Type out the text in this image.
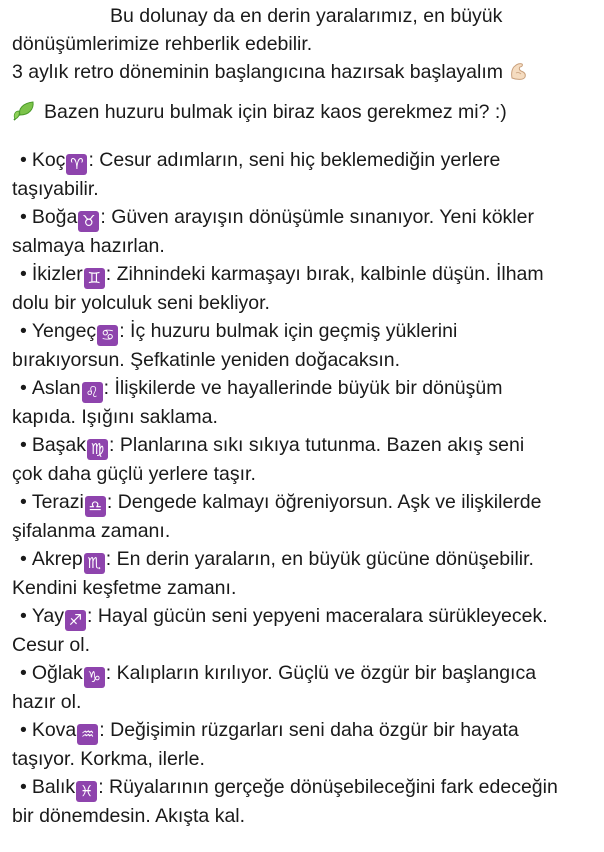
Bu dolunay da en derin yaralarımız, en büyük
dönüşümlerimize rehberlik edebilir.
3 aylık retro döneminin başlangıcına hazırsak başlayalım
Bazen huzuru bulmak için biraz kaos gerekmez mi? :)
• Koç ♈ : Cesur adımların, seni hiç beklemediğin yerlere
taşıyabilir.
• Boğa ♉ : Güven arayışın dönüşümle sınanıyor. Yeni kökler
salmaya hazırlan.
• İkizler ♊ : Zihnindeki karmaşayı bırak, kalbinle düşün. İlham
dolu bir yolculuk seni bekliyor.
• Yengeç ♋ : İç huzuru bulmak için geçmiş yüklerini
bırakıyorsun. Şefkatinle yeniden doğacaksın.
• Aslan ♌ : İlişkilerde ve hayallerinde büyük bir dönüşüm
kapıda. Işığını saklama.
• Başak ♍ : Planlarına sıkı sıkıya tutunma. Bazen akış seni
çok daha güçlü yerlere taşır.
• Terazi ♎ : Dengede kalmayı öğreniyorsun. Aşk ve ilişkilerde
şifalanma zamanı.
• Akrep ♏ : En derin yaraların, en büyük gücüne dönüşebilir.
Kendini keşfetme zamanı.
• Yay ♐ : Hayal gücün seni yepyeni maceralara sürükleyecek.
Cesur ol.
• Oğlak ♑ : Kalıpların kırılıyor. Güçlü ve özgür bir başlangıca
hazır ol.
• Kova ♒ : Değişimin rüzgarları seni daha özgür bir hayata
taşıyor. Korkma, ilerle.
• Balık ♓ : Rüyalarının gerçeğe dönüşebileceğini fark edeceğin
bir dönemdesin. Akışta kal.
